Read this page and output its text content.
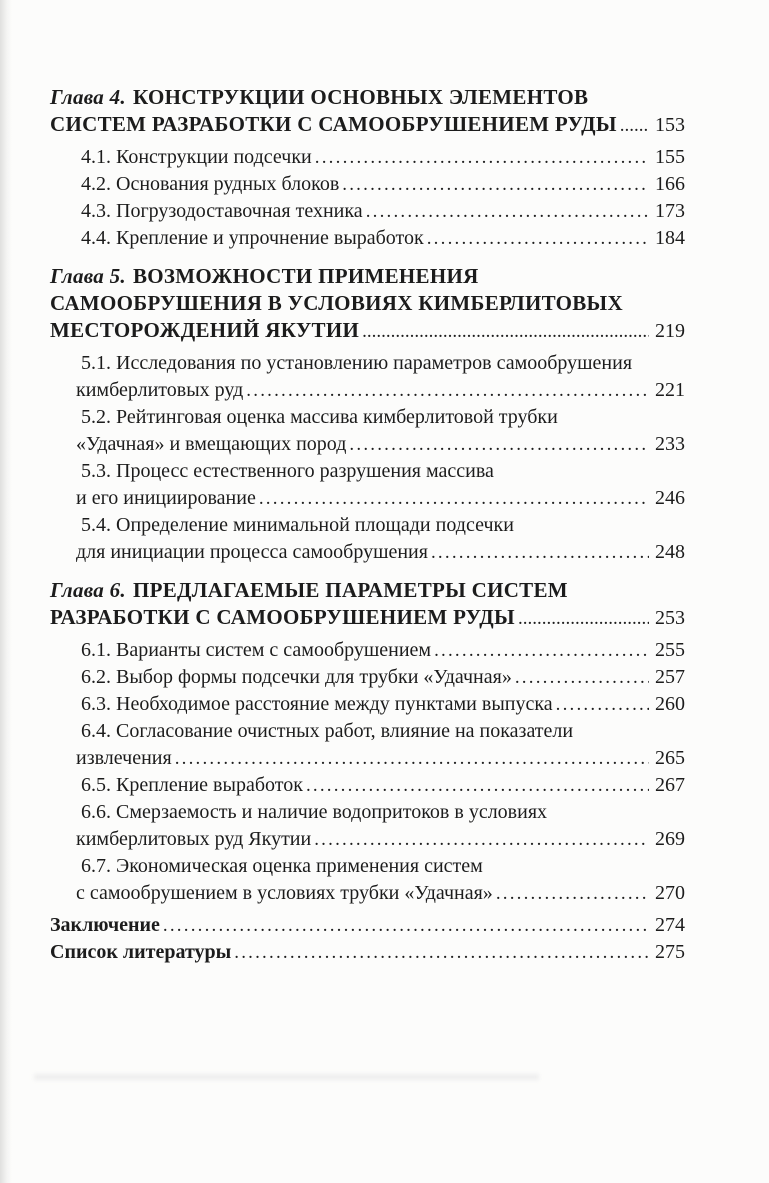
Глава 4. КОНСТРУКЦИИ ОСНОВНЫХ ЭЛЕМЕНТОВ
СИСТЕМ РАЗРАБОТКИ С САМООБРУШЕНИЕМ РУДЫ ..... 153
4.1. Конструкции подсечки .....	155
4.2. Основания рудных блоков .....	166
4.3. Погрузодоставочная техника .....	173
4.4. Крепление и упрочнение выработок .....	184
Глава 5. ВОЗМОЖНОСТИ ПРИМЕНЕНИЯ
САМООБРУШЕНИЯ В УСЛОВИЯХ КИМБЕРЛИТОВЫХ
МЕСТОРОЖДЕНИЙ ЯКУТИИ .....	219
5.1. Исследования по установлению параметров самообрушения
кимберлитовых руд .....	221
5.2. Рейтинговая оценка массива кимберлитовой трубки
«Удачная» и вмещающих пород .....	233
5.3. Процесс естественного разрушения массива
и его инициирование .....	246
5.4. Определение минимальной площади подсечки
для инициации процесса самообрушения .....	248
Глава 6. ПРЕДЛАГАЕМЫЕ ПАРАМЕТРЫ СИСТЕМ
РАЗРАБОТКИ С САМООБРУШЕНИЕМ РУДЫ .....	253
6.1. Варианты систем с самообрушением .....	255
6.2. Выбор формы подсечки для трубки «Удачная» .....	257
6.3. Необходимое расстояние между пунктами выпуска .....	260
6.4. Согласование очистных работ, влияние на показатели
извлечения .....	265
6.5. Крепление выработок .....	267
6.6. Смерзаемость и наличие водопритоков в условиях
кимберлитовых руд Якутии .....	269
6.7. Экономическая оценка применения систем
с самообрушением в условиях трубки «Удачная» .....	270
Заключение .....	274
Список литературы .....	275
